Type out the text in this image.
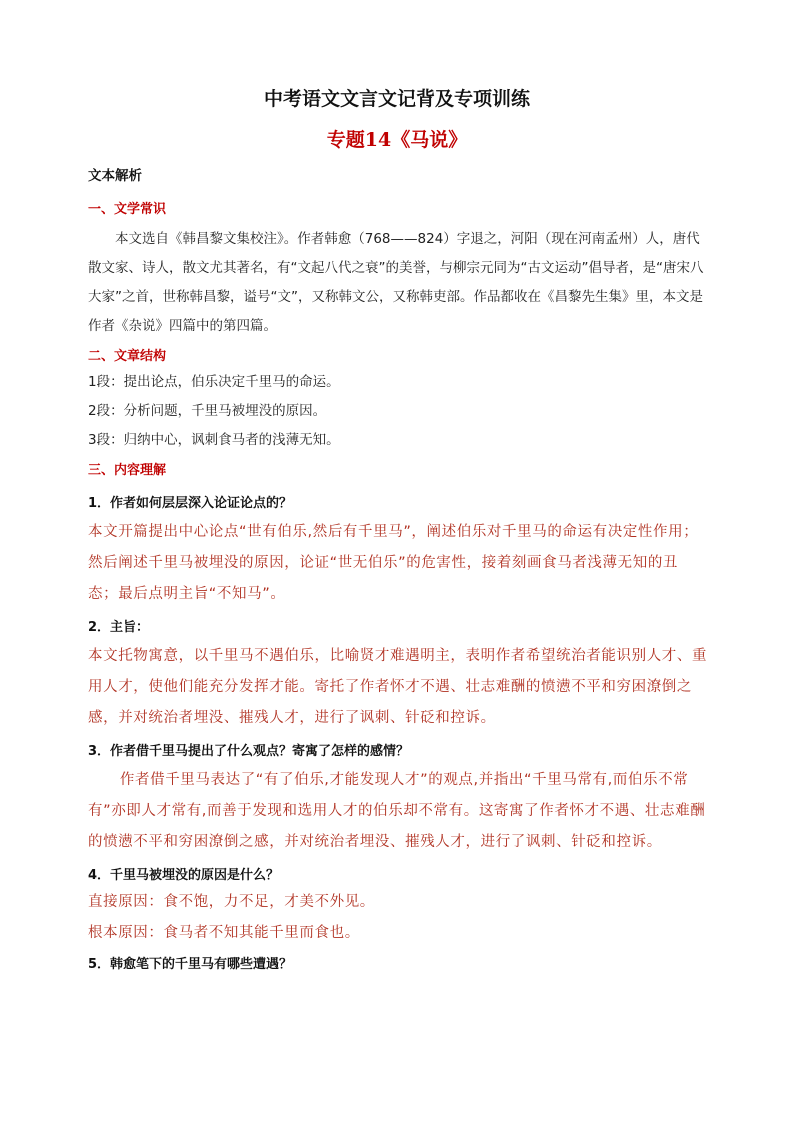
中考语文文言文记背及专项训练
专题14《马说》

文本解析

一、文学常识

本文选自《韩昌黎文集校注》。作者韩愈（768——824）字退之，河阳（现在河南孟州）人，唐代散文家、诗人，散文尤其著名，有“文起八代之衰”的美誉，与柳宗元同为“古文运动”倡导者，是“唐宋八大家”之首，世称韩昌黎，谥号“文”，又称韩文公，又称韩吏部。作品都收在《昌黎先生集》里，本文是作者《杂说》四篇中的第四篇。

二、文章结构

1段：提出论点，伯乐决定千里马的命运。

2段：分析问题，千里马被埋没的原因。

3段：归纳中心，讽刺食马者的浅薄无知。

三、内容理解

1．作者如何层层深入论证论点的？

本文开篇提出中心论点“世有伯乐,然后有千里马”，阐述伯乐对千里马的命运有决定性作用；然后阐述千里马被埋没的原因，论证“世无伯乐”的危害性，接着刻画食马者浅薄无知的丑态；最后点明主旨“不知马”。

2．主旨：

本文托物寓意，以千里马不遇伯乐，比喻贤才难遇明主，表明作者希望统治者能识别人才、重用人才，使他们能充分发挥才能。寄托了作者怀才不遇、壮志难酬的愤懑不平和穷困潦倒之感，并对统治者埋没、摧残人才，进行了讽刺、针砭和控诉。

3．作者借千里马提出了什么观点？寄寓了怎样的感情？

作者借千里马表达了“有了伯乐,才能发现人才”的观点,并指出“千里马常有,而伯乐不常有”亦即人才常有,而善于发现和选用人才的伯乐却不常有。这寄寓了作者怀才不遇、壮志难酬的愤懑不平和穷困潦倒之感，并对统治者埋没、摧残人才，进行了讽刺、针砭和控诉。

4．千里马被埋没的原因是什么？

直接原因：食不饱，力不足，才美不外见。

根本原因：食马者不知其能千里而食也。

5．韩愈笔下的千里马有哪些遭遇？
